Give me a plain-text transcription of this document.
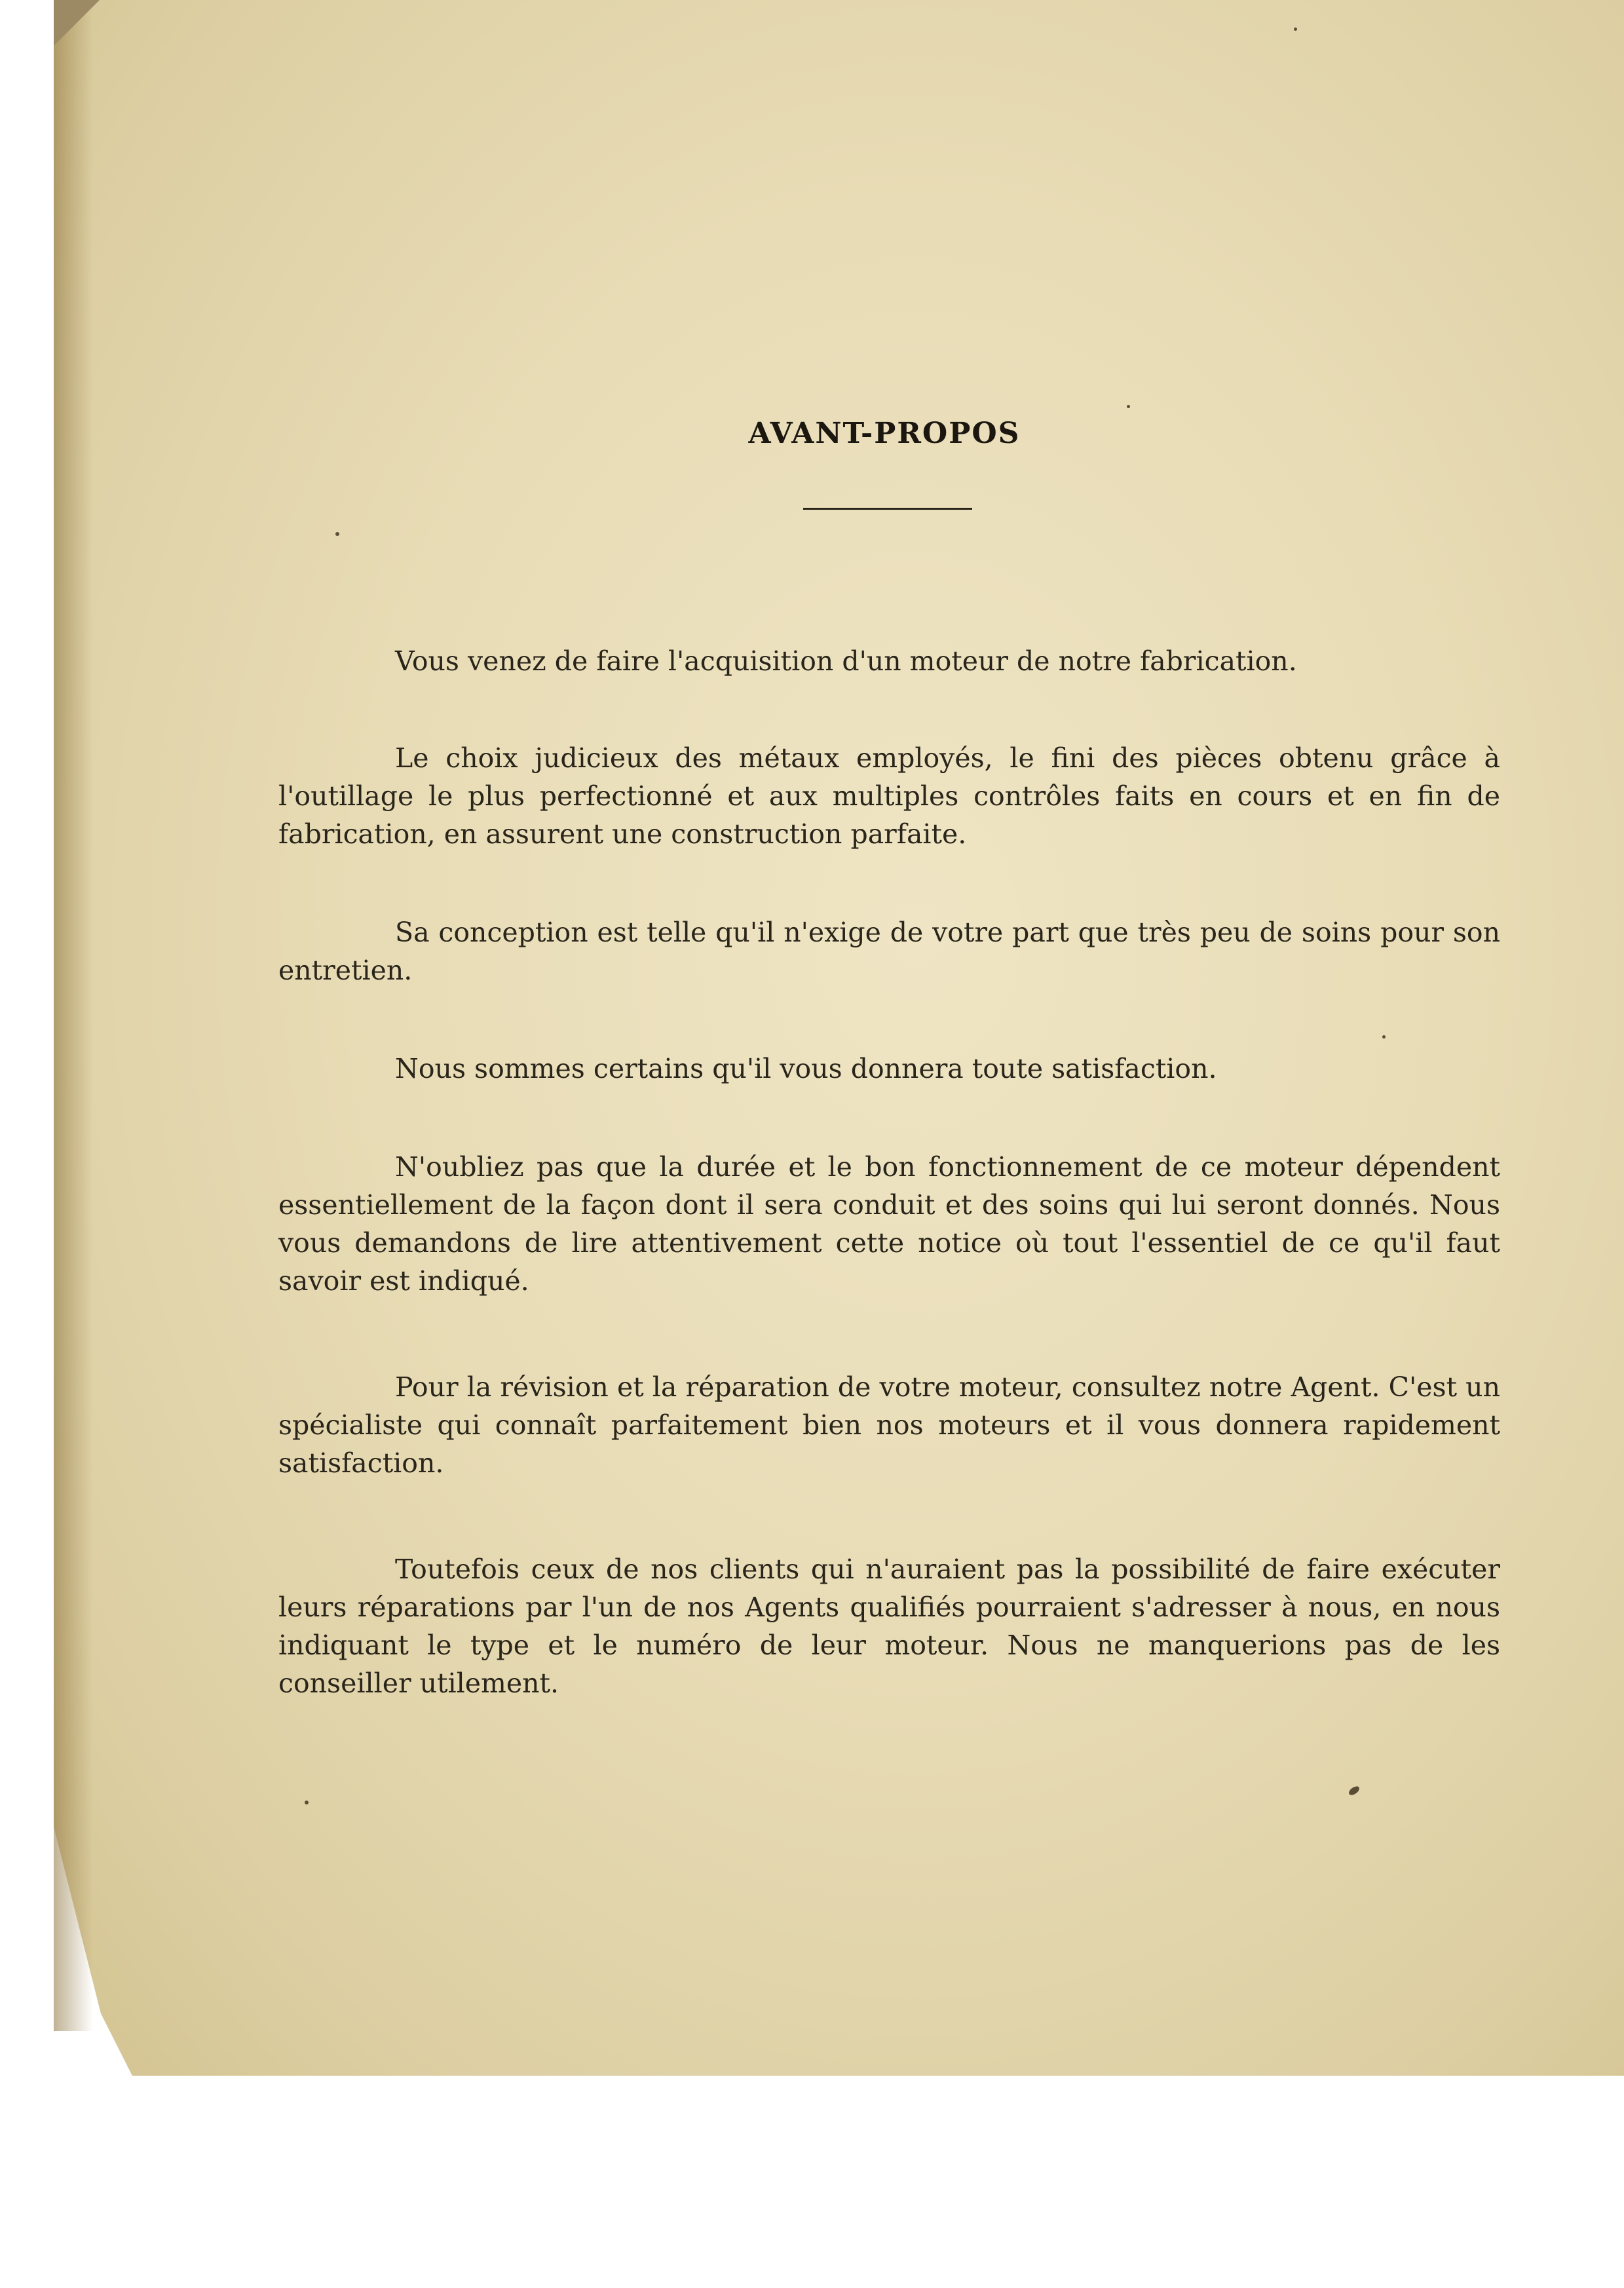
AVANT-PROPOS

Vous venez de faire l'acquisition d'un moteur de notre fabrication.

Le choix judicieux des métaux employés, le fini des pièces obtenu grâce à l'outillage le plus perfectionné et aux multiples contrôles faits en cours et en fin de fabrication, en assurent une construction parfaite.

Sa conception est telle qu'il n'exige de votre part que très peu de soins pour son entretien.

Nous sommes certains qu'il vous donnera toute satisfaction.

N'oubliez pas que la durée et le bon fonctionnement de ce moteur dépendent essentiellement de la façon dont il sera conduit et des soins qui lui seront donnés. Nous vous demandons de lire attentivement cette notice où tout l'essentiel de ce qu'il faut savoir est indiqué.

Pour la révision et la réparation de votre moteur, consultez notre Agent. C'est un spécialiste qui connaît parfaitement bien nos moteurs et il vous donnera rapidement satisfaction.

Toutefois ceux de nos clients qui n'auraient pas la possibilité de faire exécuter leurs réparations par l'un de nos Agents qualifiés pourraient s'adresser à nous, en nous indiquant le type et le numéro de leur moteur. Nous ne manquerions pas de les conseiller utilement.
